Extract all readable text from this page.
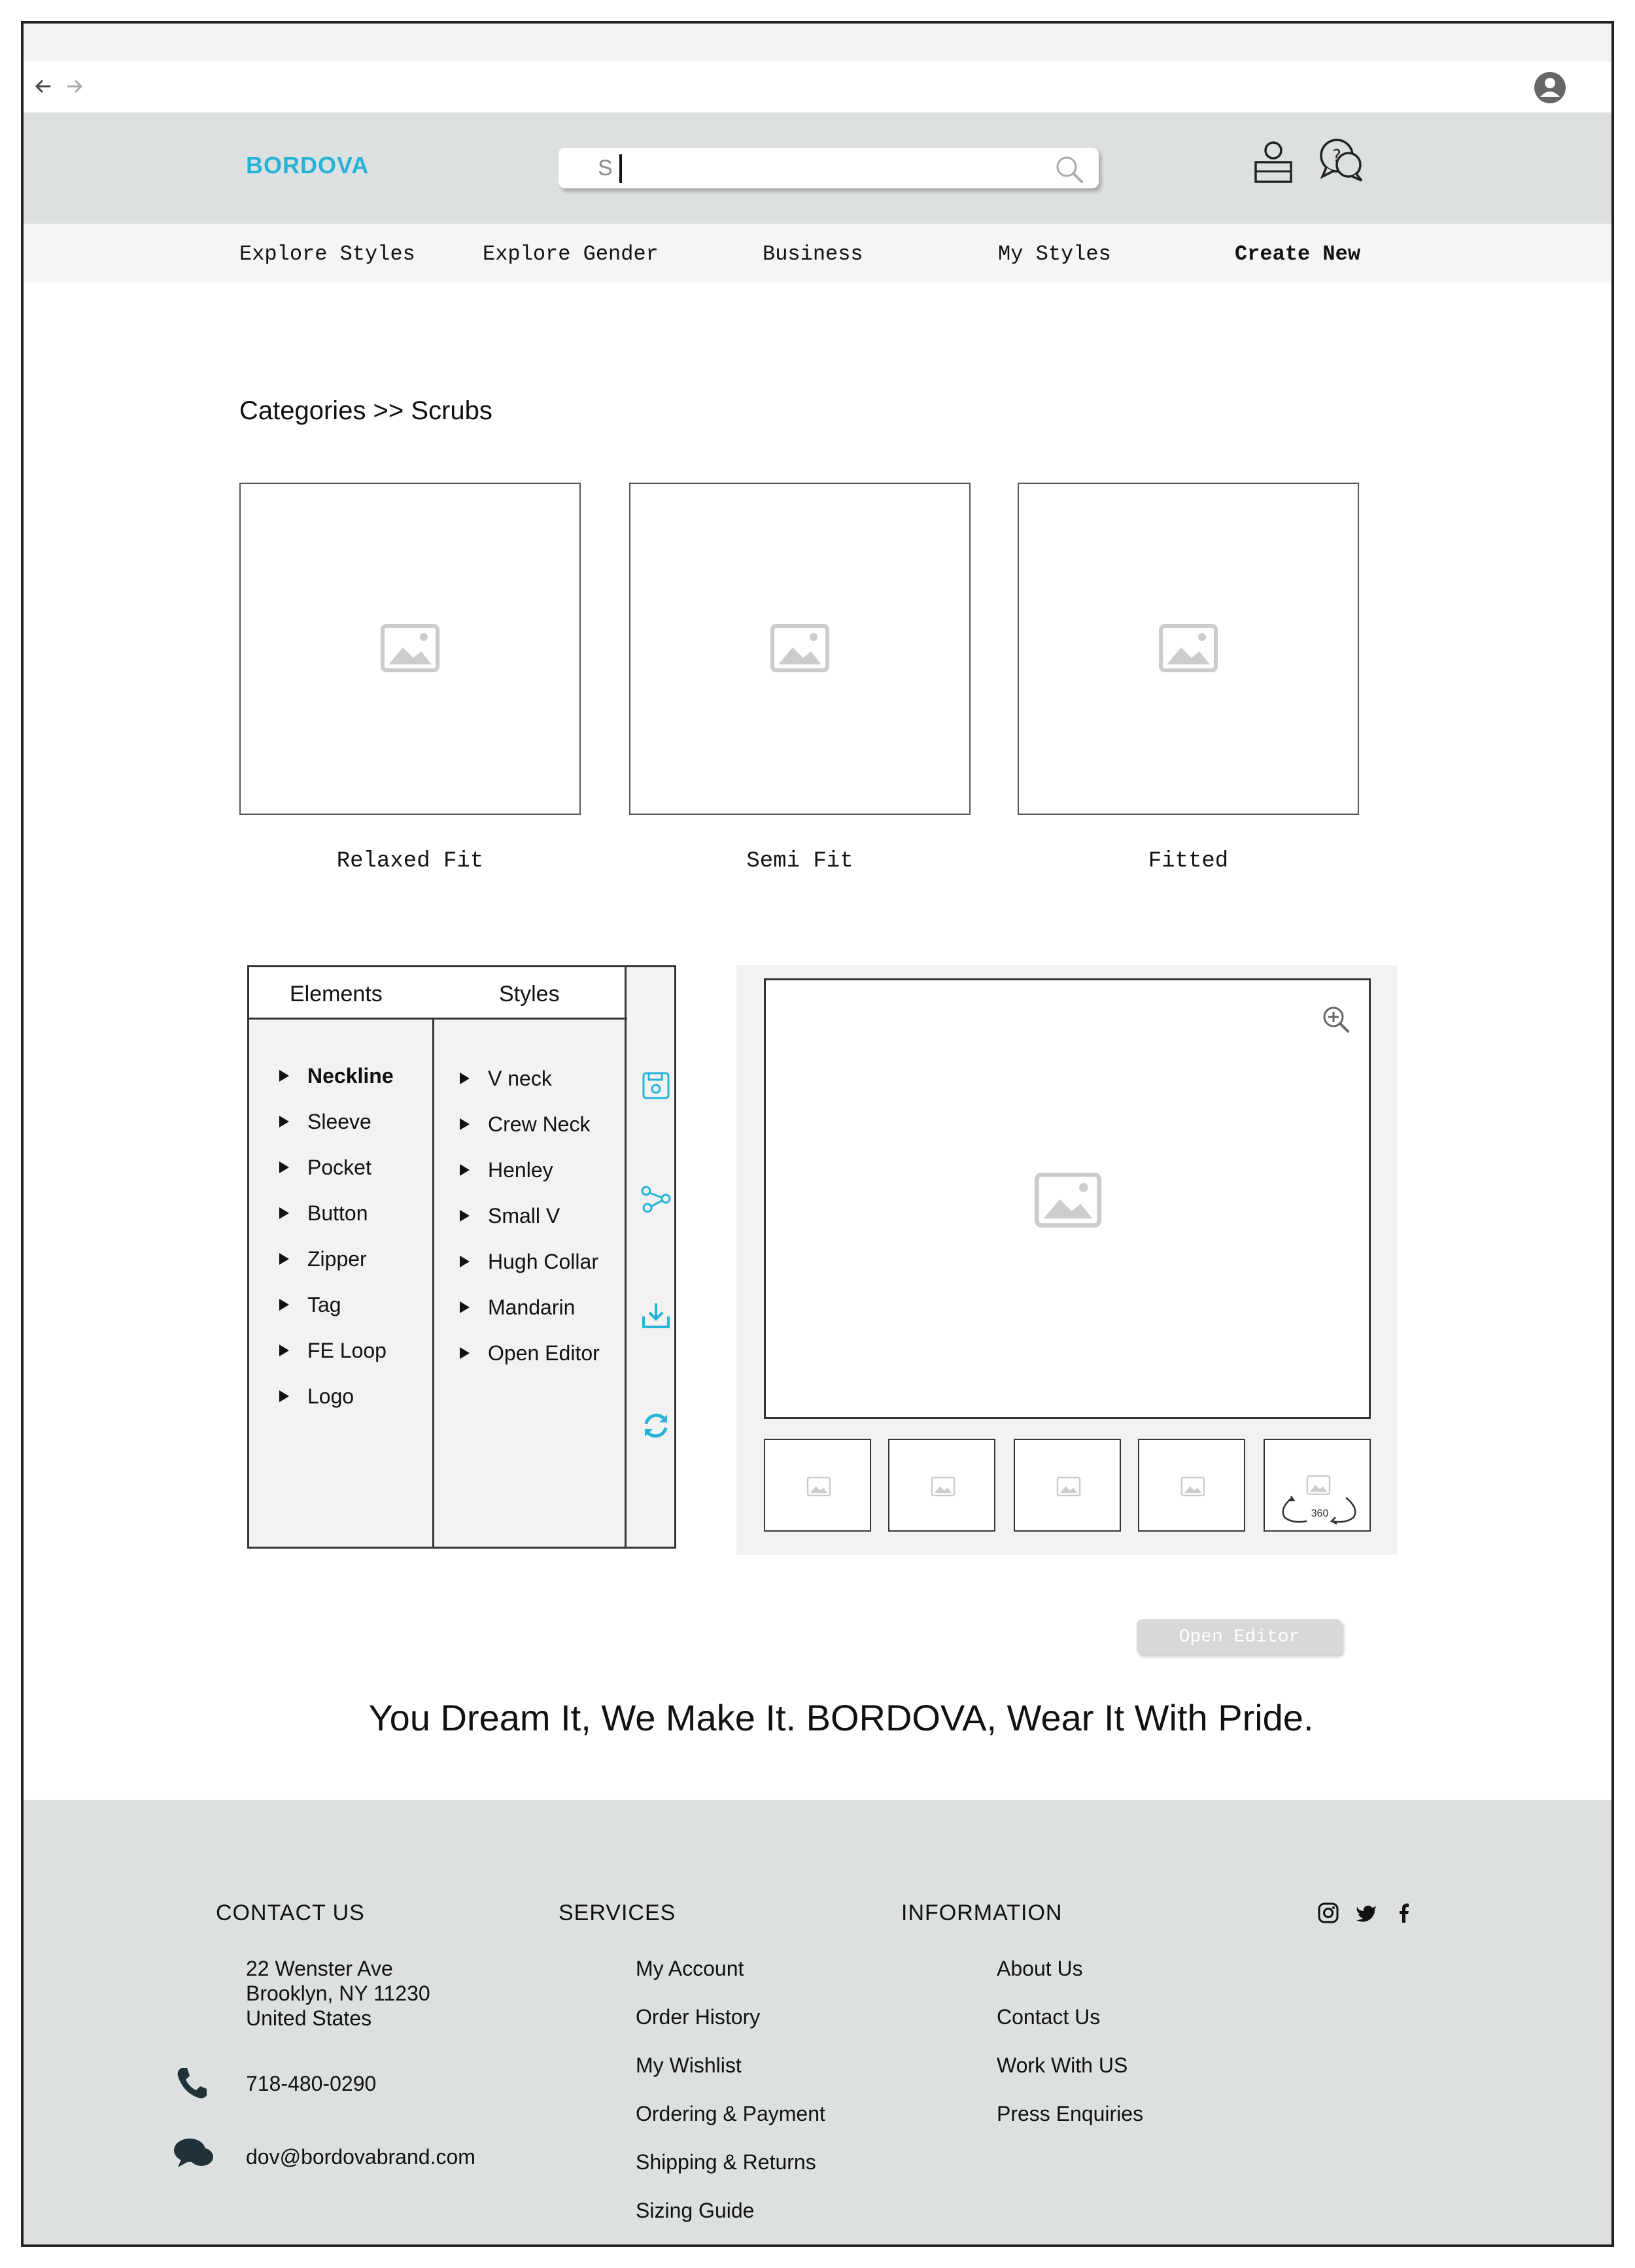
BORDOVA
S	?
Explore Styles	Explore Gender	Business	My Styles	Create New
Categories >> Scrubs
Relaxed Fit	Semi Fit	Fitted
Elements	Styles
Neckline
Sleeve
Pocket
Button
Zipper
Tag
FE Loop
Logo
V neck
Crew Neck
Henley
Small V
Hugh Collar
Mandarin
Open Editor
360
Open Editor
You Dream It, We Make It. BORDOVA, Wear It With Pride.
CONTACT US
22 Wenster Ave
Brooklyn, NY 11230
United States
718-480-0290
dov@bordovabrand.com
SERVICES
My Account
Order History
My Wishlist
Ordering & Payment
Shipping & Returns
Sizing Guide
INFORMATION
About Us
Contact Us
Work With US
Press Enquiries
